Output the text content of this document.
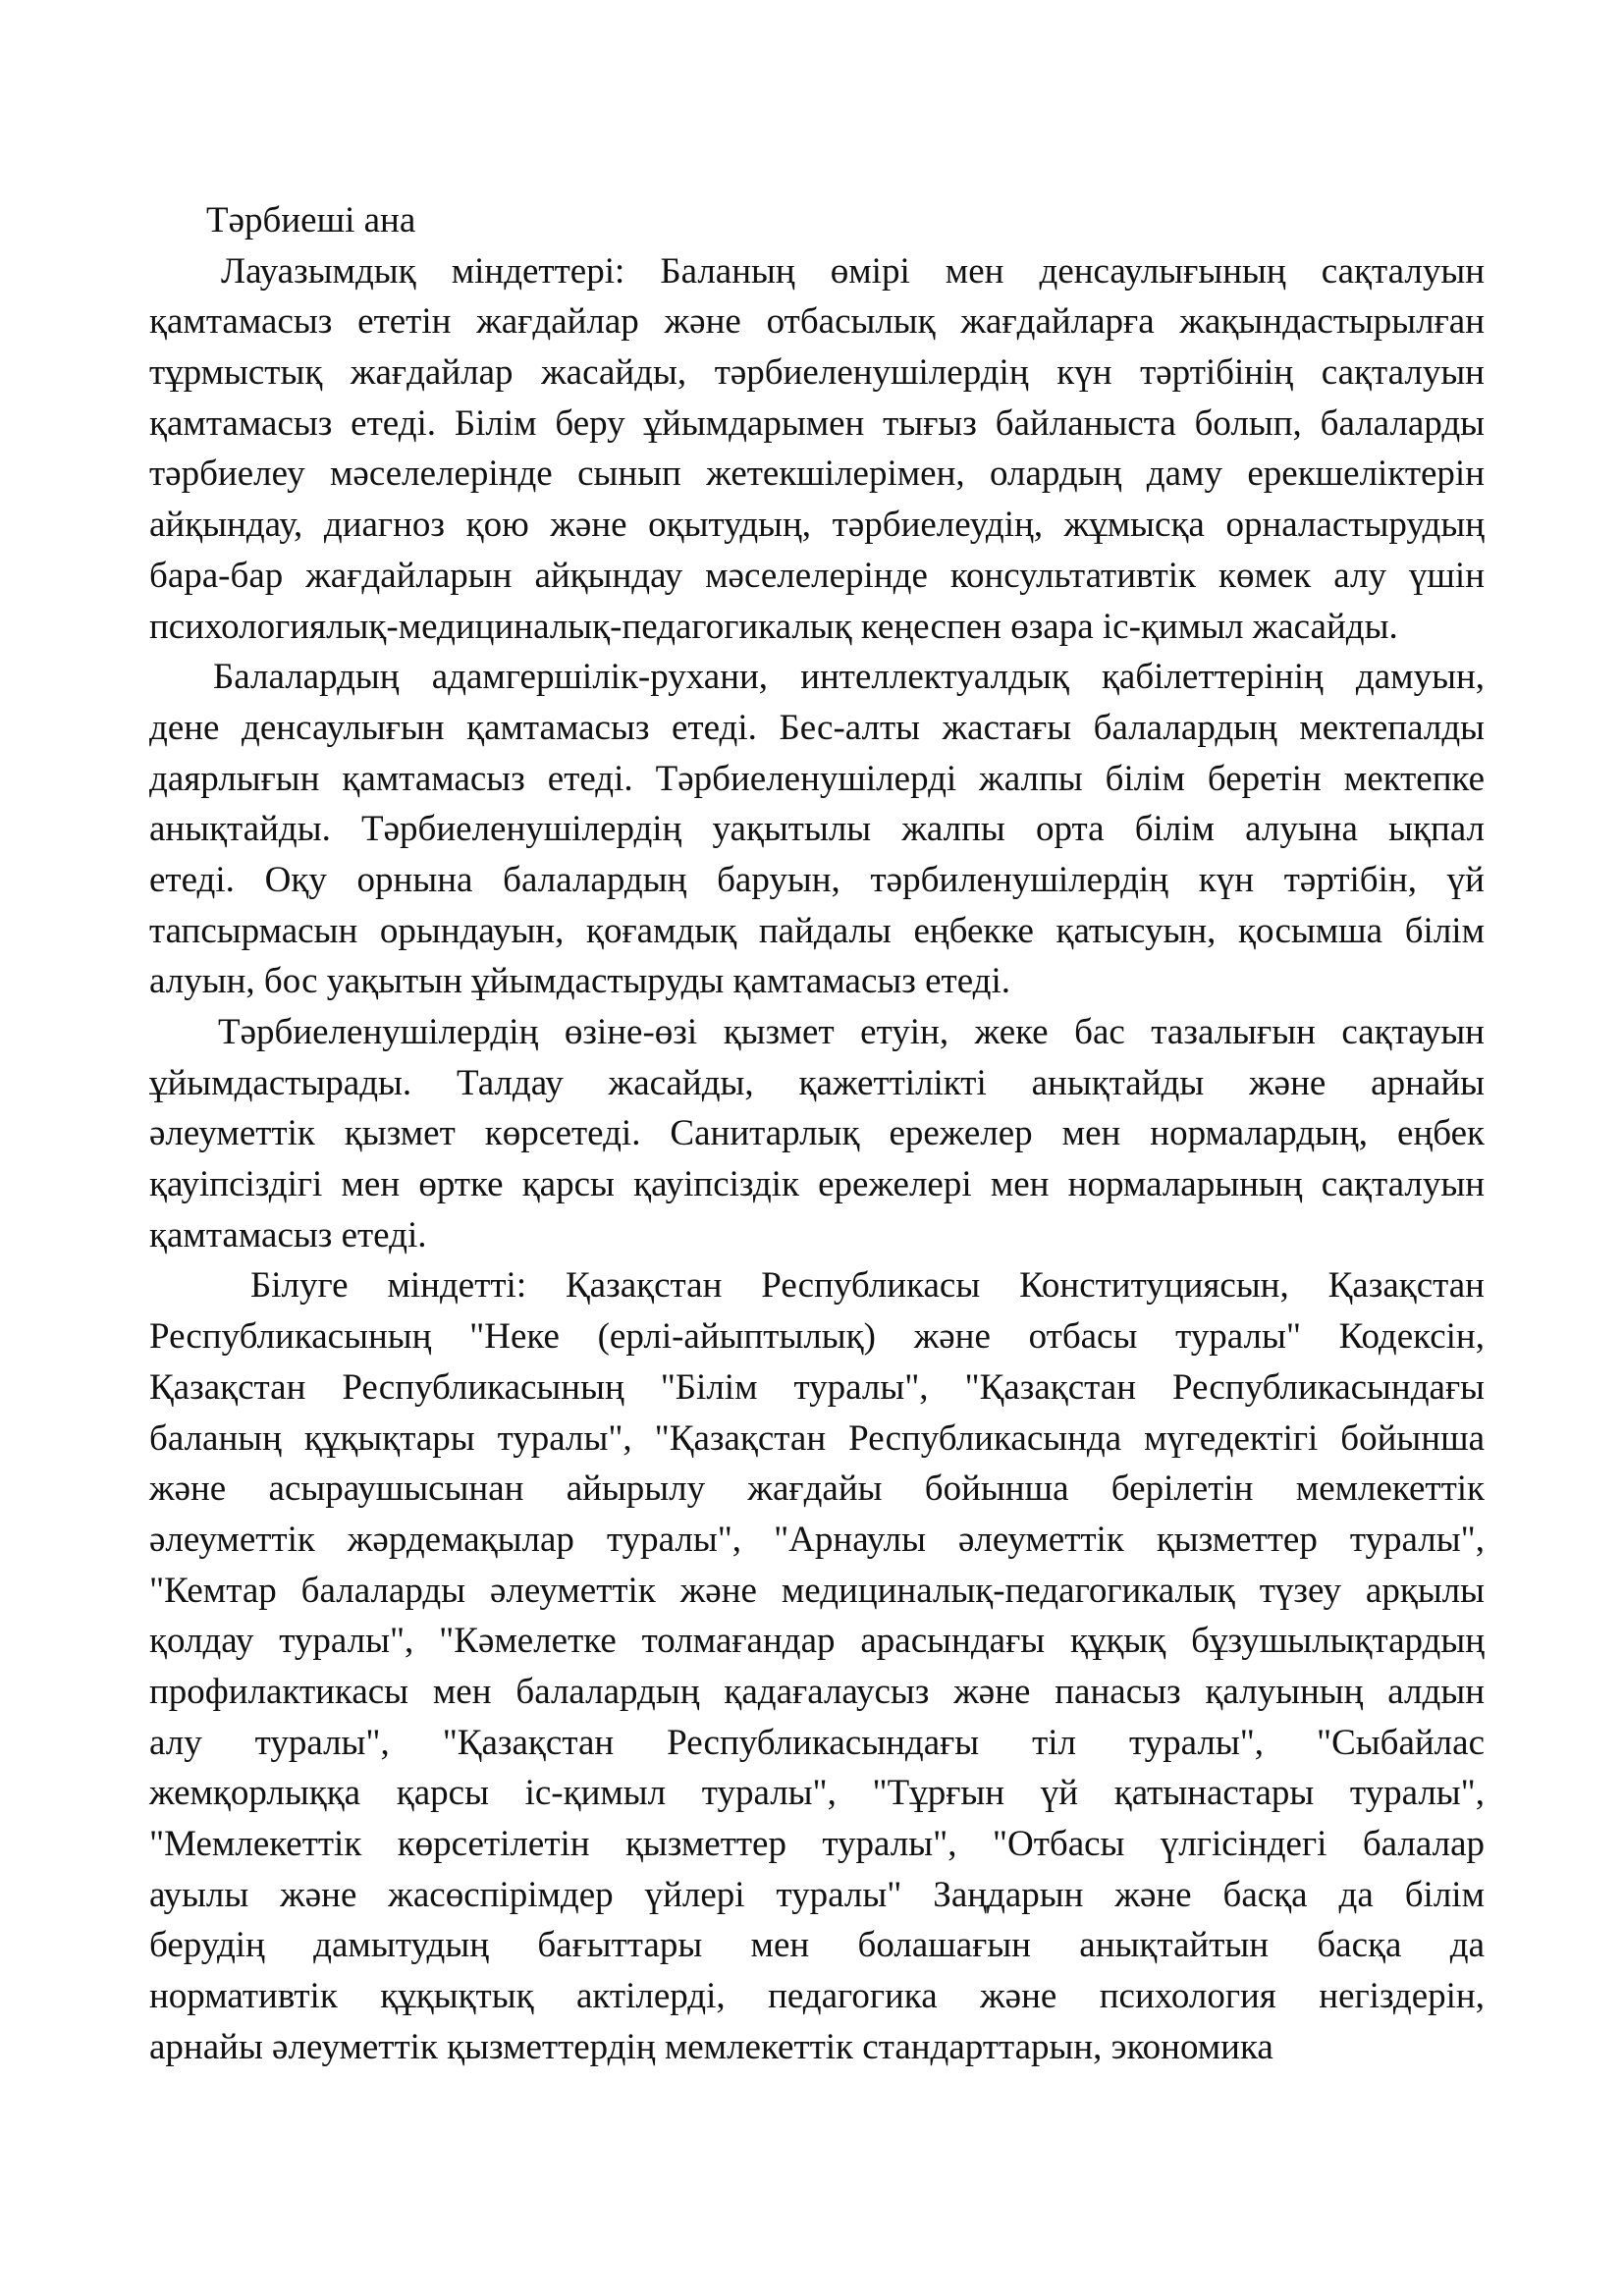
Тәрбиеші ана
Лауазымдық міндеттері: Баланың өмірі мен денсаулығының сақталуын
қамтамасыз ететін жағдайлар және отбасылық жағдайларға жақындастырылған
тұрмыстық жағдайлар жасайды, тәрбиеленушілердің күн тәртібінің сақталуын
қамтамасыз етеді. Білім беру ұйымдарымен тығыз байланыста болып, балаларды
тәрбиелеу мәселелерінде сынып жетекшілерімен, олардың даму ерекшеліктерін
айқындау, диагноз қою және оқытудың, тәрбиелеудің, жұмысқа орналастырудың
бара-бар жағдайларын айқындау мәселелерінде консультативтік көмек алу үшін
психологиялық-медициналық-педагогикалық кеңеспен өзара іс-қимыл жасайды.
Балалардың адамгершілік-рухани, интеллектуалдық қабілеттерінің дамуын,
дене денсаулығын қамтамасыз етеді. Бес-алты жастағы балалардың мектепалды
даярлығын қамтамасыз етеді. Тәрбиеленушілерді жалпы білім беретін мектепке
анықтайды. Тәрбиеленушілердің уақытылы жалпы орта білім алуына ықпал
етеді. Оқу орнына балалардың баруын, тәрбиленушілердің күн тәртібін, үй
тапсырмасын орындауын, қоғамдық пайдалы еңбекке қатысуын, қосымша білім
алуын, бос уақытын ұйымдастыруды қамтамасыз етеді.
Тәрбиеленушілердің өзіне-өзі қызмет етуін, жеке бас тазалығын сақтауын
ұйымдастырады. Талдау жасайды, қажеттілікті анықтайды және арнайы
әлеуметтік қызмет көрсетеді. Санитарлық ережелер мен нормалардың, еңбек
қауіпсіздігі мен өртке қарсы қауіпсіздік ережелері мен нормаларының сақталуын
қамтамасыз етеді.
Білуге міндетті: Қазақстан Республикасы Конституциясын, Қазақстан
Республикасының "Неке (ерлі-айыптылық) және отбасы туралы" Кодексін,
Қазақстан Республикасының "Білім туралы", "Қазақстан Республикасындағы
баланың құқықтары туралы", "Қазақстан Республикасында мүгедектігі бойынша
және асыраушысынан айырылу жағдайы бойынша берілетін мемлекеттік
әлеуметтік жәрдемақылар туралы", "Арнаулы әлеуметтік қызметтер туралы",
"Кемтар балаларды әлеуметтік және медициналық-педагогикалық түзеу арқылы
қолдау туралы", "Кәмелетке толмағандар арасындағы құқық бұзушылықтардың
профилактикасы мен балалардың қадағалаусыз және панасыз қалуының алдын
алу туралы", "Қазақстан Республикасындағы тіл туралы", "Сыбайлас
жемқорлыққа қарсы іс-қимыл туралы", "Тұрғын үй қатынастары туралы",
"Мемлекеттік көрсетілетін қызметтер туралы", "Отбасы үлгісіндегі балалар
ауылы және жасөспірімдер үйлері туралы" Заңдарын және басқа да білім
берудің дамытудың бағыттары мен болашағын анықтайтын басқа да
нормативтік құқықтық актілерді, педагогика және психология негіздерін,
арнайы әлеуметтік қызметтердің мемлекеттік стандарттарын, экономика
